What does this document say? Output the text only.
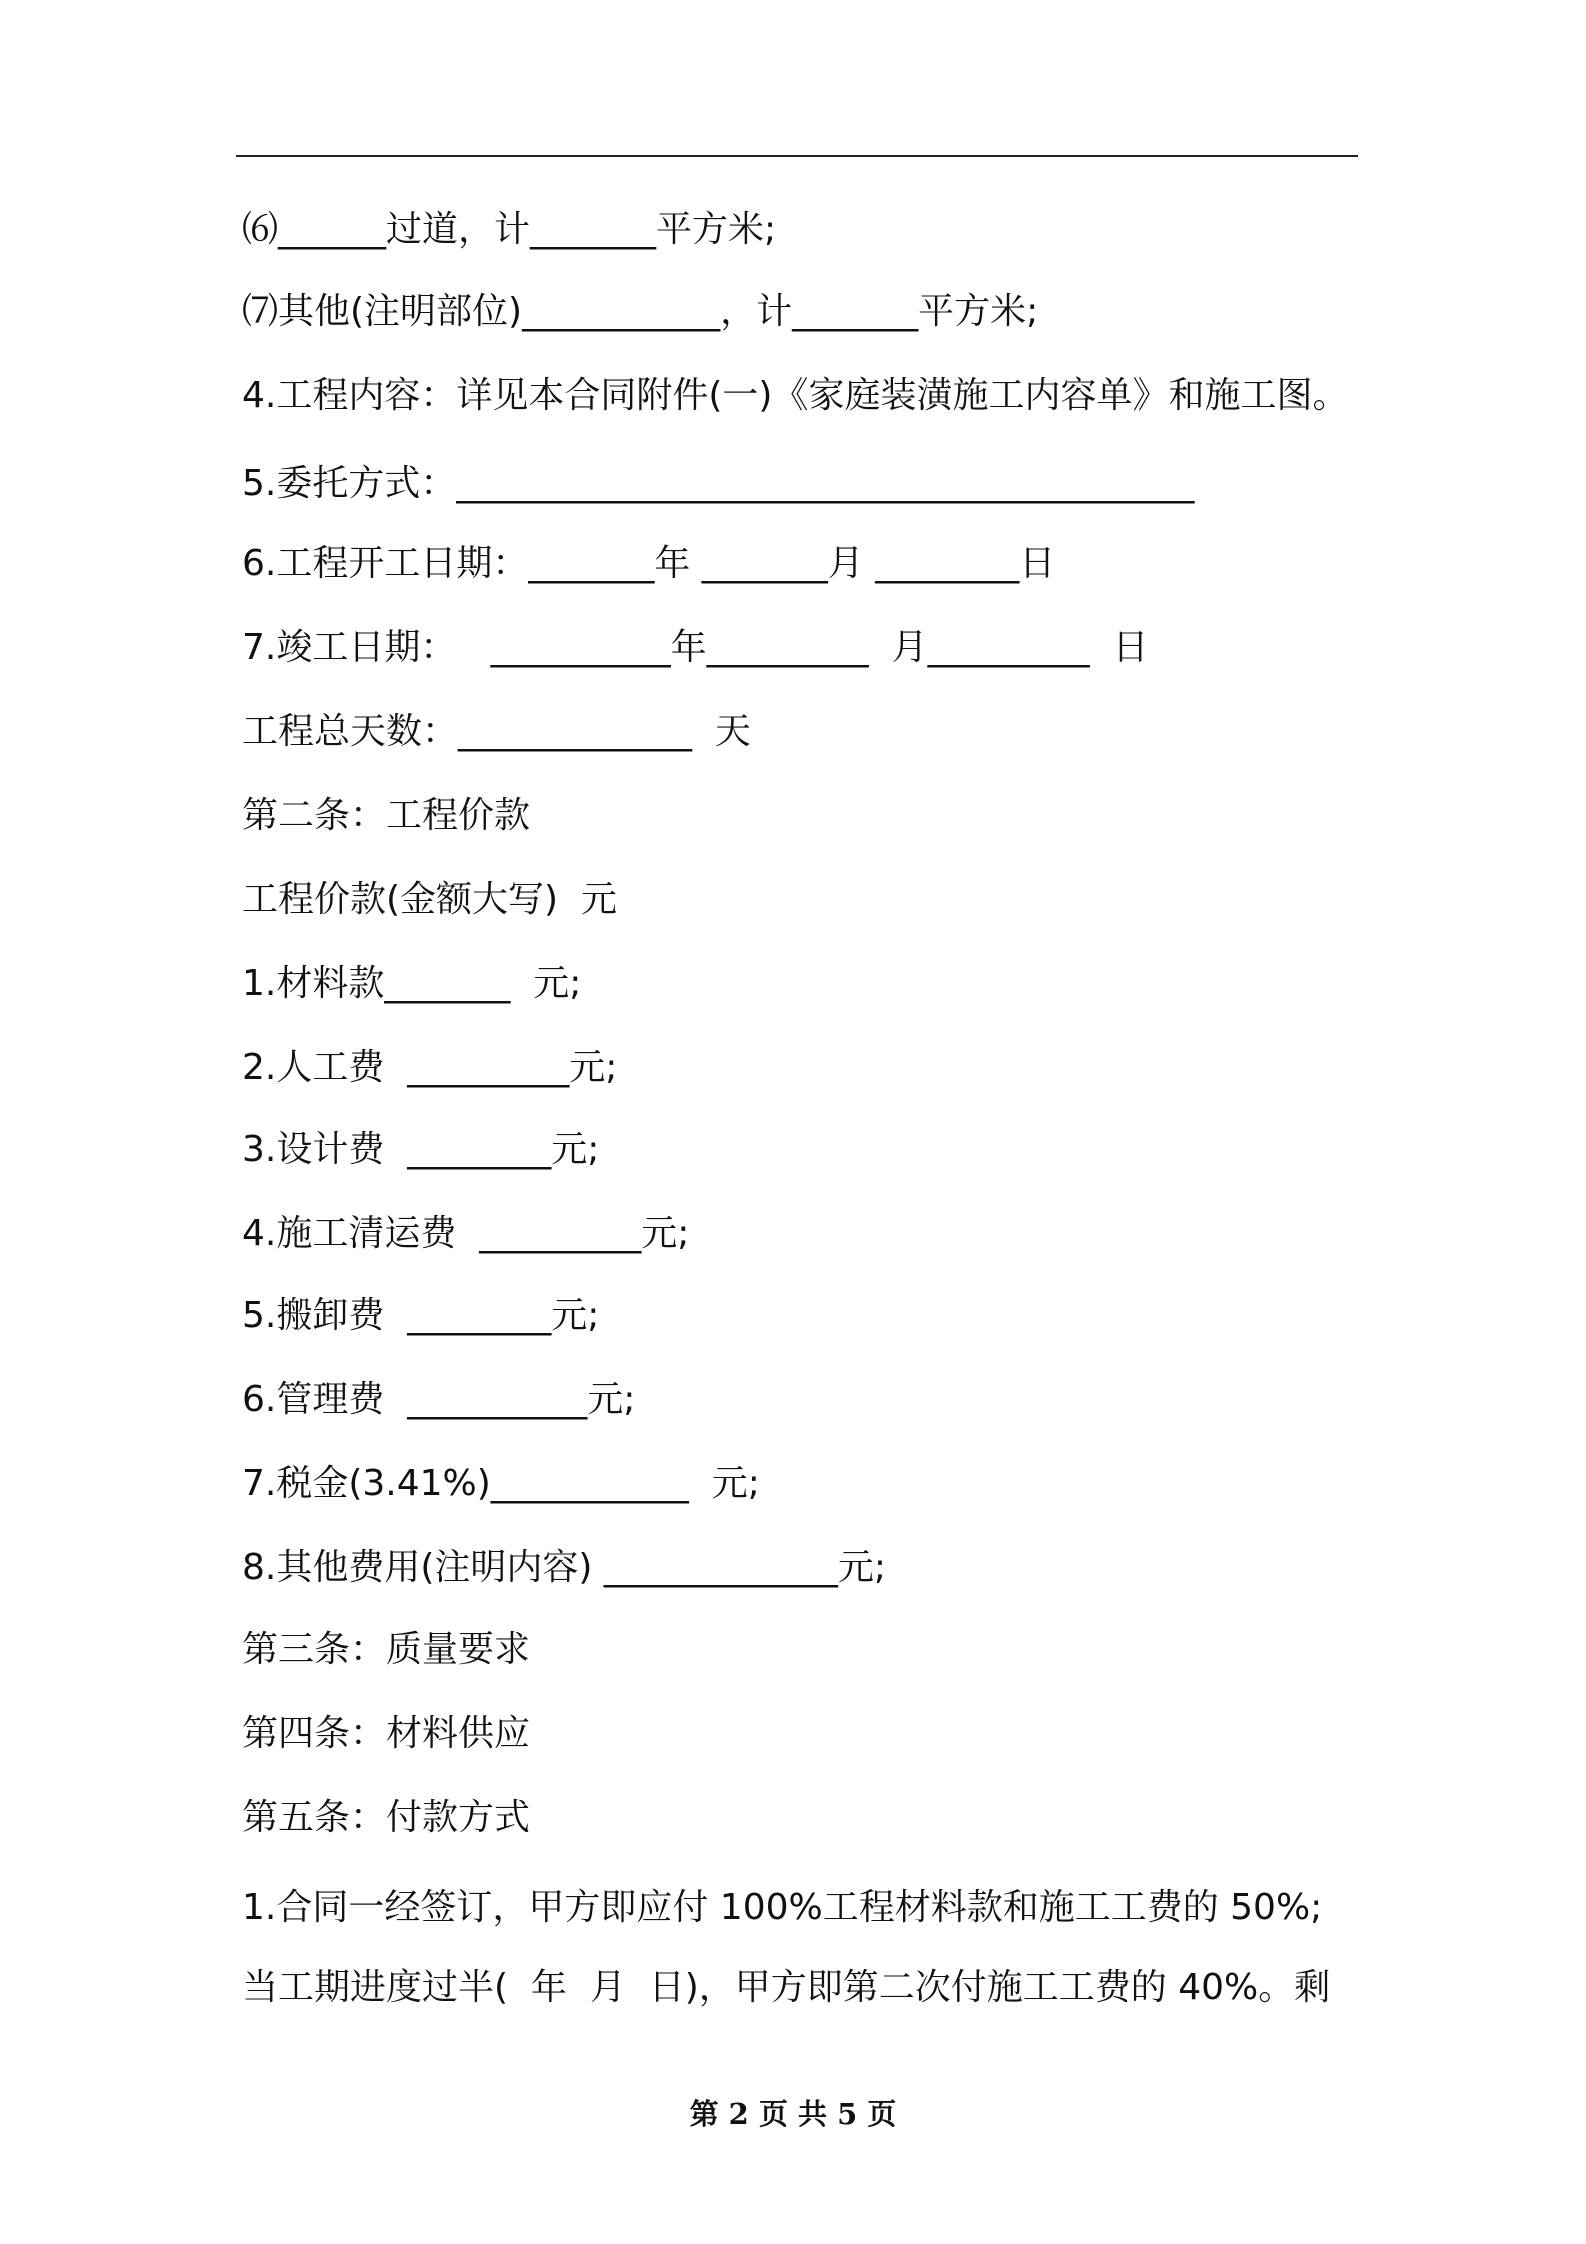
⑹______过道，计_______平方米;
⑺其他(注明部位)___________，计_______平方米;
4.工程内容：详见本合同附件(一)《家庭装潢施工内容单》和施工图。
5.委托方式：_________________________________________
6.工程开工日期：_______年 _______月 ________日
7.竣工日期：   __________年_________  月_________  日
工程总天数：_____________  天
第二条：工程价款
工程价款(金额大写)  元
1.材料款_______  元;
2.人工费  _________元;
3.设计费  ________元;
4.施工清运费  _________元;
5.搬卸费  ________元;
6.管理费  __________元;
7.税金(3.41%)___________  元;
8.其他费用(注明内容) _____________元;
第三条：质量要求
第四条：材料供应
第五条：付款方式
1.合同一经签订，甲方即应付 100%工程材料款和施工工费的 50%;
当工期进度过半(  年  月  日)，甲方即第二次付施工工费的 40%。剩
第 2 页 共 5 页
